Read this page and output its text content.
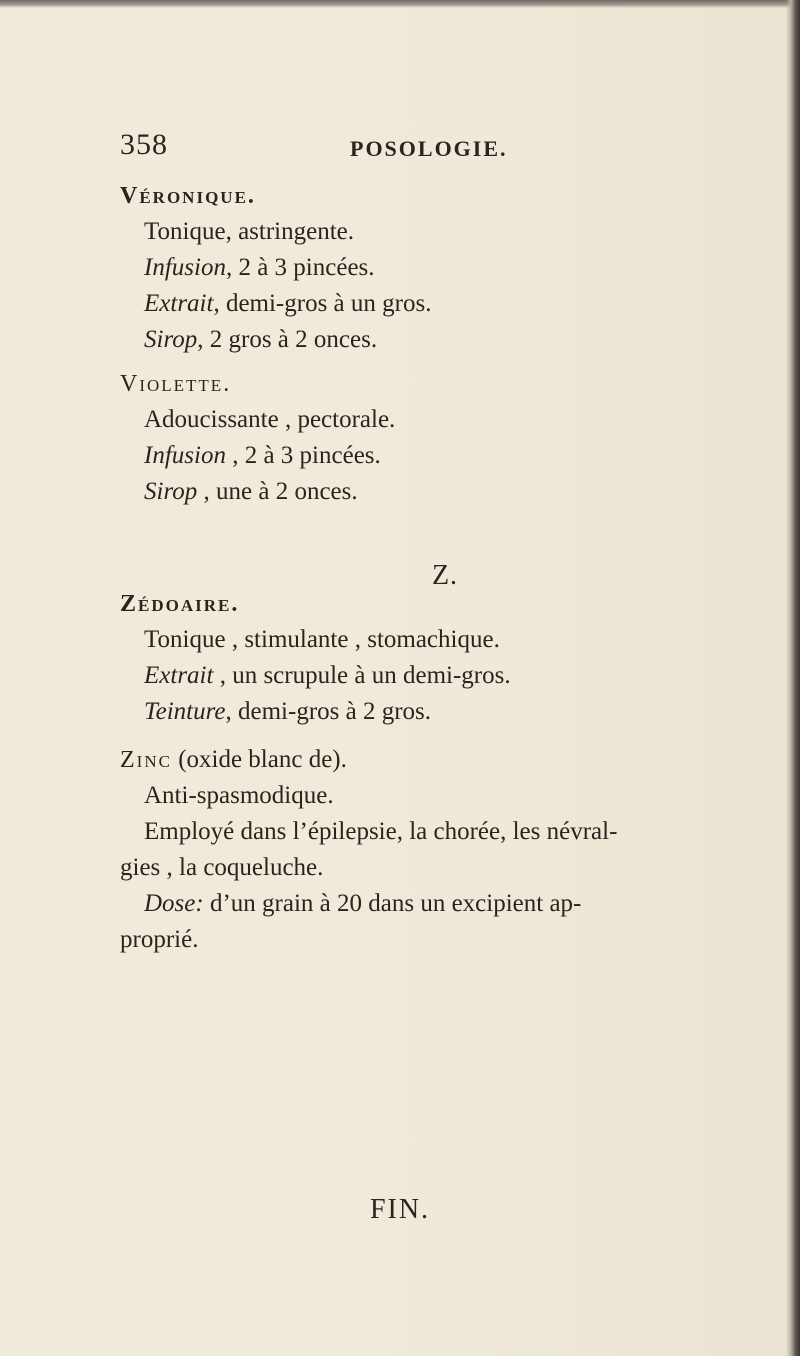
358	POSOLOGIE.
Véronique.
Tonique, astringente.
Infusion, 2 à 3 pincées.
Extrait, demi-gros à un gros.
Sirop, 2 gros à 2 onces.
Violette.
Adoucissante , pectorale.
Infusion , 2 à 3 pincées.
Sirop , une à 2 onces.
Z.
Zédoaire.
Tonique , stimulante , stomachique.
Extrait , un scrupule à un demi-gros.
Teinture, demi-gros à 2 gros.
Zinc (oxide blanc de).
Anti-spasmodique.
Employé dans l’épilepsie, la chorée, les névral-
gies , la coqueluche.
Dose: d’un grain à 20 dans un excipient ap-
proprié.
FIN.
